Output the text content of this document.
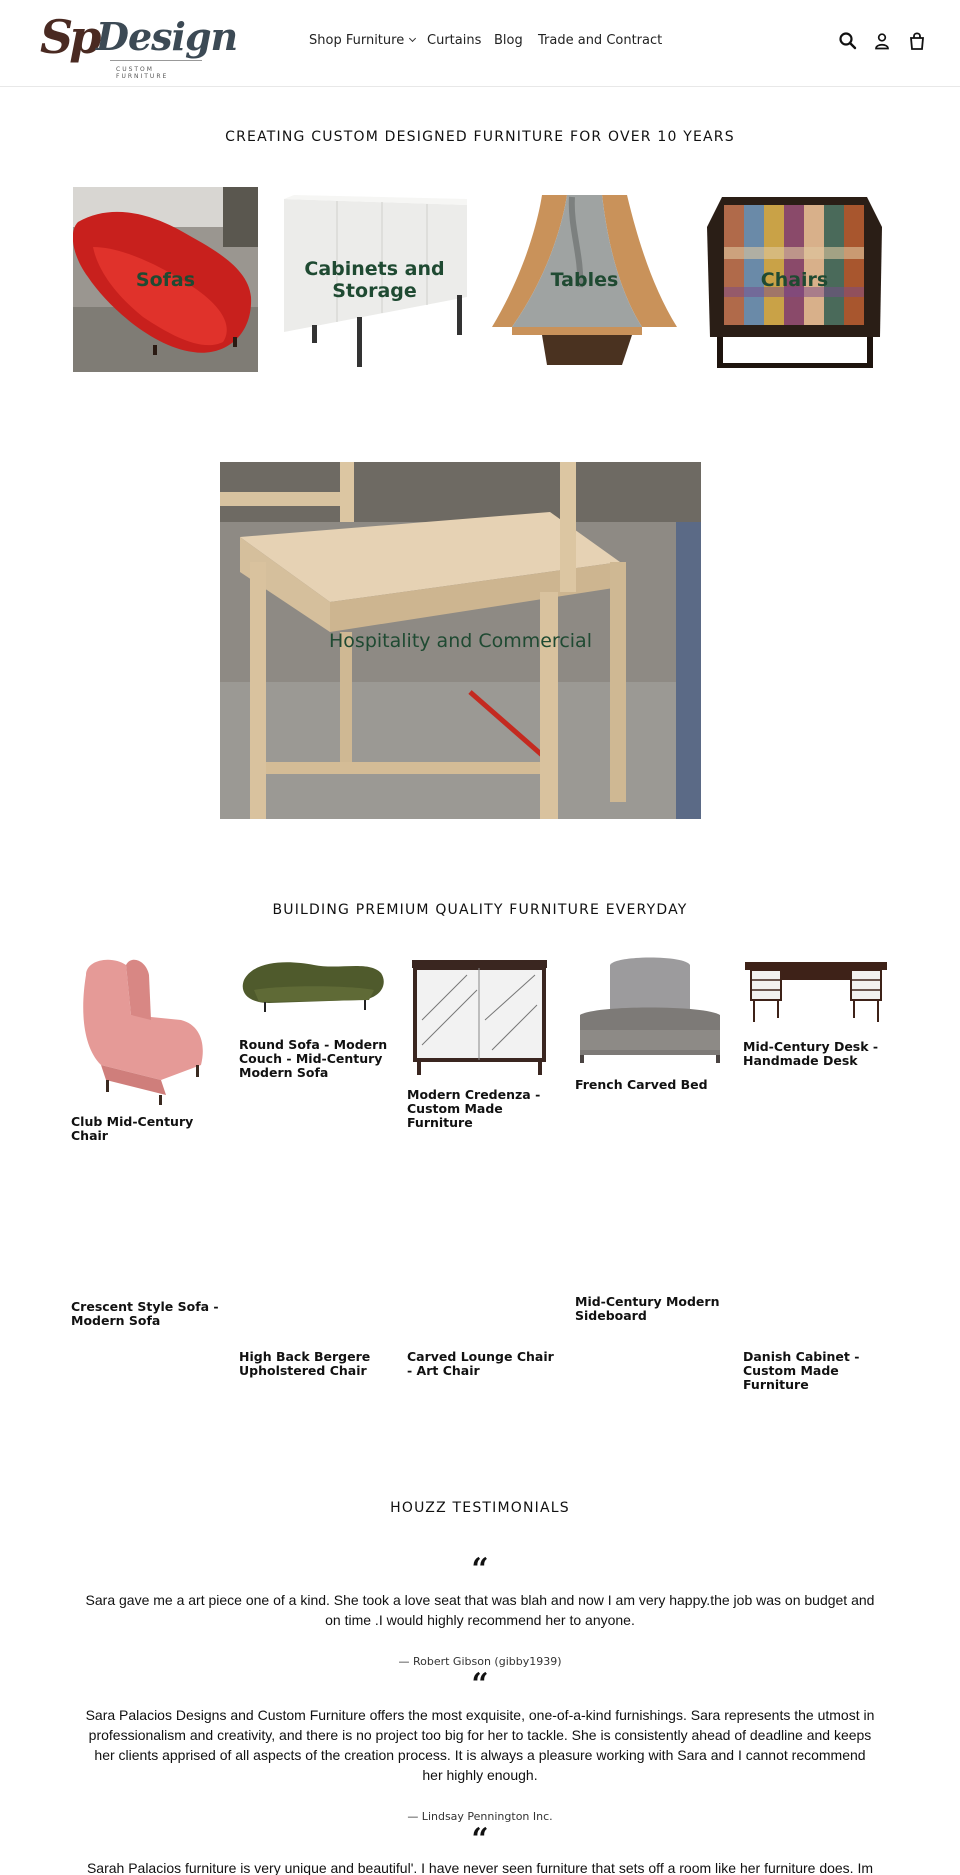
Sp
Design
CUSTOM FURNITURE
Shop Furniture	Curtains Blog Trade and Contract
CREATING CUSTOM DESIGNED FURNITURE FOR OVER 10 YEARS
Sofas	Cabinets and Storage	Tables	Chairs
Hospitality and Commercial
BUILDING PREMIUM QUALITY FURNITURE EVERYDAY
Club Mid-Century Chair
Round Sofa - Modern Couch - Mid-Century Modern Sofa
Modern Credenza - Custom Made Furniture
French Carved Bed
Mid-Century Desk - Handmade Desk
Crescent Style Sofa - Modern Sofa
High Back Bergere Upholstered Chair
Carved Lounge Chair - Art Chair
Mid-Century Modern Sideboard
Danish Cabinet - Custom Made Furniture
HOUZZ TESTIMONIALS
“
Sara gave me a art piece one of a kind. She took a love seat that was blah and now I am very happy.the job was on budget and on time .I would highly recommend her to anyone.
— Robert Gibson (gibby1939)
“
Sara Palacios Designs and Custom Furniture offers the most exquisite, one-of-a-kind furnishings. Sara represents the utmost in professionalism and creativity, and there is no project too big for her to tackle. She is consistently ahead of deadline and keeps her clients apprised of all aspects of the creation process. It is always a pleasure working with Sara and I cannot recommend her highly enough.
— Lindsay Pennington Inc.
“
Sarah Palacios furniture is very unique and beautiful'. I have never seen furniture that sets off a room like her furniture does. Im
